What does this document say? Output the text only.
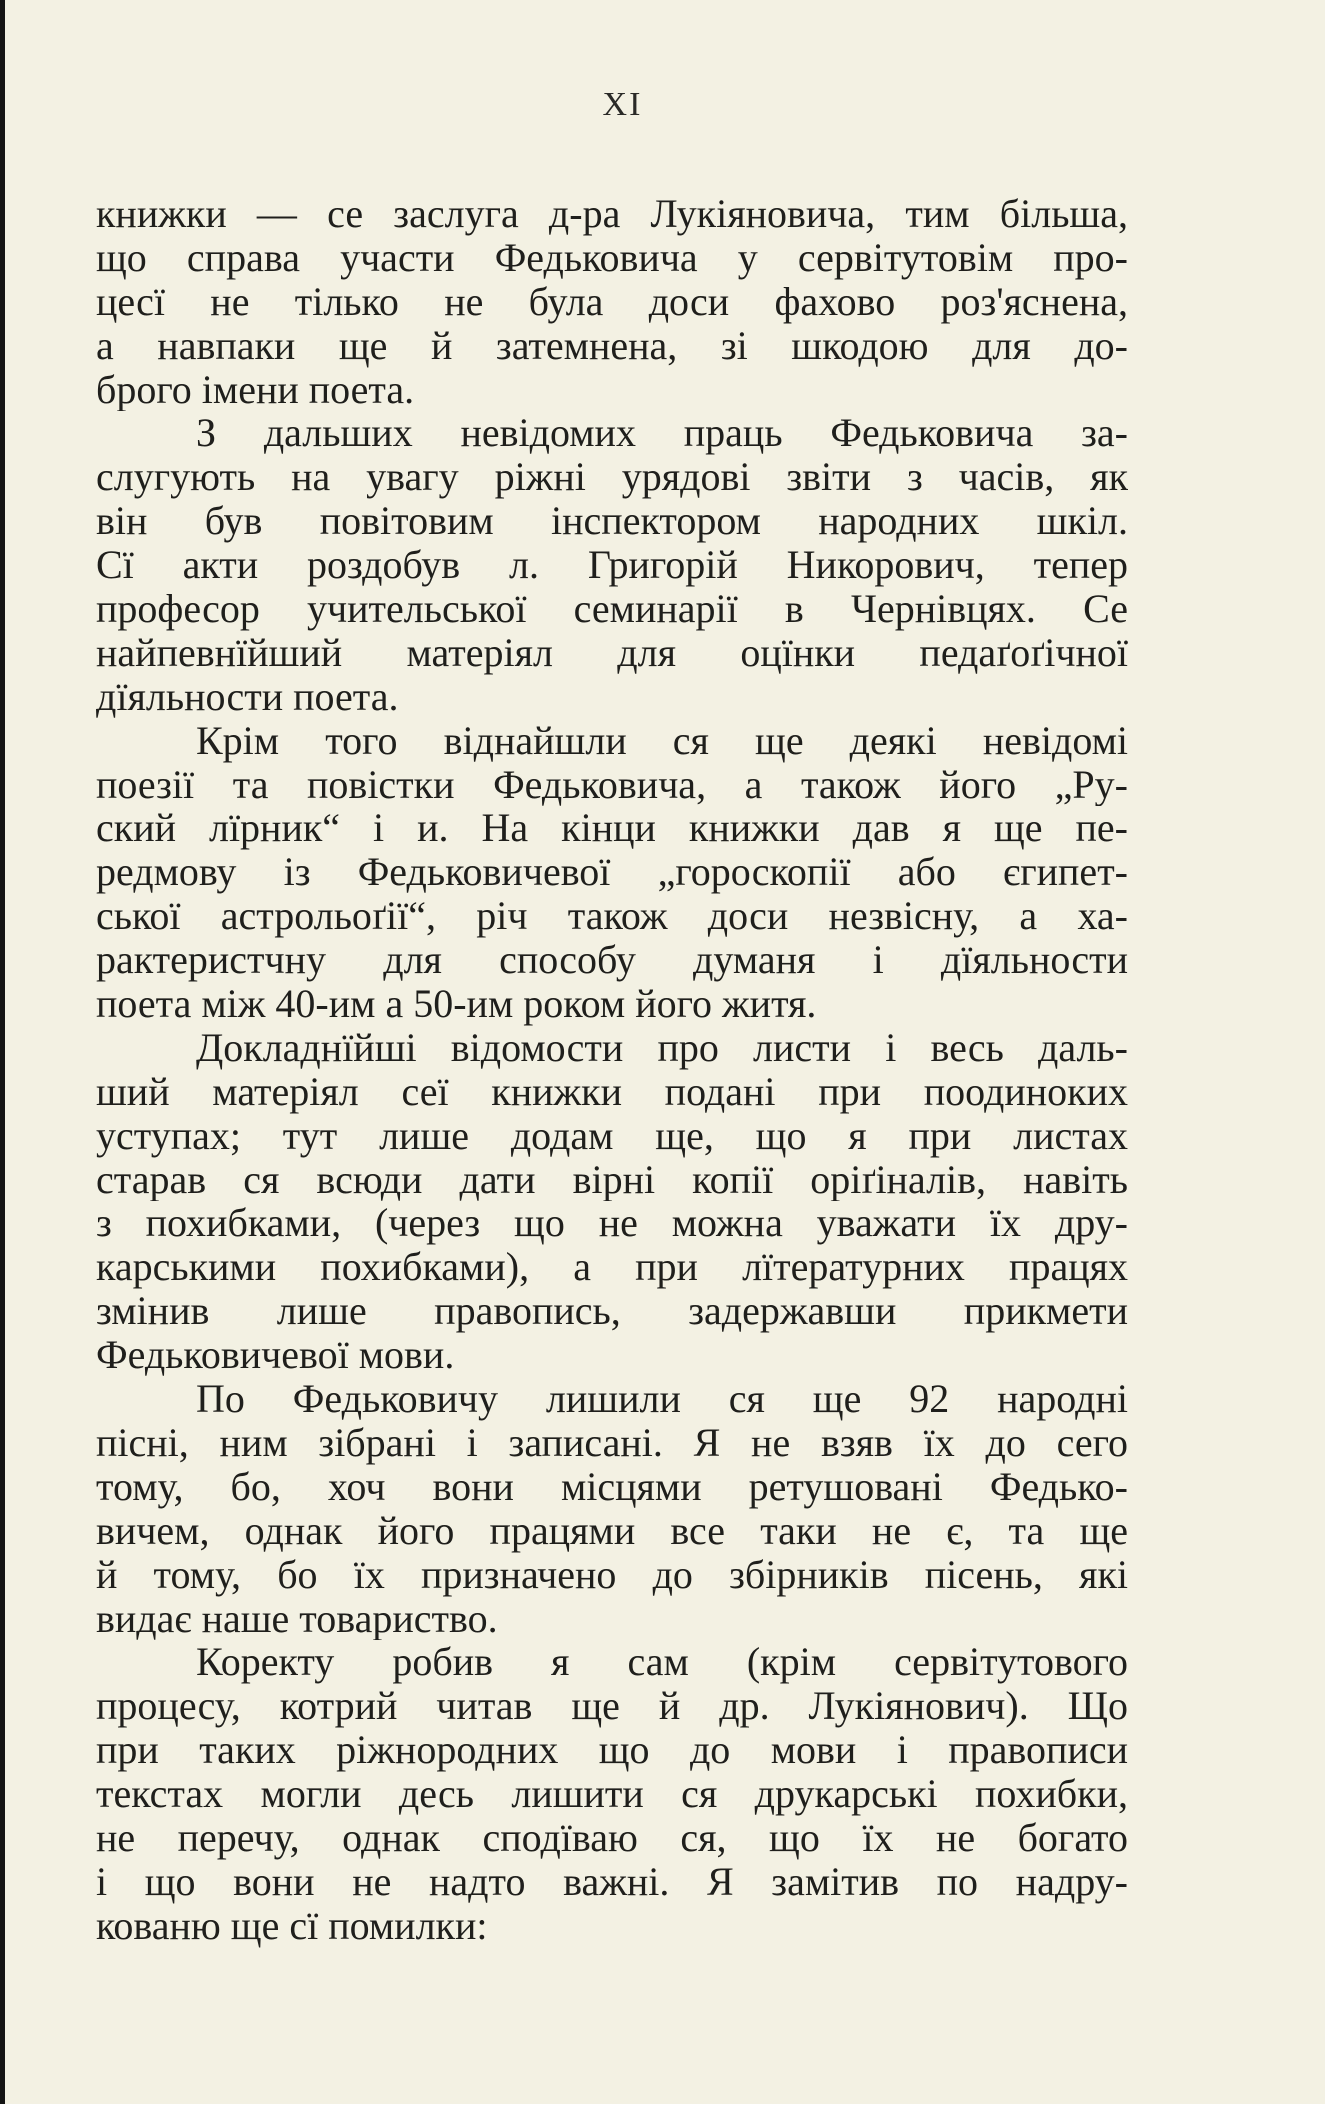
XI
книжки — се заслуга д-ра Лукіяновича, тим більша,
що справа участи Федьковича у сервітутовім про-
цесї не тілько не була доси фахово роз'яснена,
а навпаки ще й затемнена, зі шкодою для до-
брого імени поета.
З дальших невідомих праць Федьковича за-
слугують на увагу ріжні урядові звіти з часів, як
він був повітовим інспектором народних шкіл.
Сї акти роздобув л. Григорій Никорович, тепер
професор учительської семинарії в Чернівцях. Се
найпевнїйший матеріял для оцїнки педаґоґічної
дїяльности поета.
Крім того віднайшли ся ще деякі невідомі
поезії та повістки Федьковича, а також його „Ру-
ский лїрник“ і и. На кінци книжки дав я ще пе-
редмову із Федьковичевої „гороскопії або єгипет-
ської астрольоґії“, річ також доси незвісну, а ха-
рактеристчну для способу думаня і дїяльности
поета між 40-им а 50-им роком його житя.
Докладнїйші відомости про листи і весь даль-
ший матеріял сеї книжки подані при поодиноких
уступах; тут лише додам ще, що я при листах
старав ся всюди дати вірні копії оріґіналів, навіть
з похибками, (через що не можна уважати їх дру-
карськими похибками), а при лїтературних працях
змінив лише правопись, задержавши прикмети
Федьковичевої мови.
По Федьковичу лишили ся ще 92 народні
пісні, ним зібрані і записані. Я не взяв їх до сего
тому, бо, хоч вони місцями ретушовані Федько-
вичем, однак його працями все таки не є, та ще
й тому, бо їх призначено до збірників пісень, які
видає наше товариство.
Коректу робив я сам (крім сервітутового
процесу, котрий читав ще й др. Лукіянович). Що
при таких ріжнородних що до мови і правописи
текстах могли десь лишити ся друкарські похибки,
не перечу, однак сподїваю ся, що їх не богато
і що вони не надто важні. Я замітив по надру-
кованю ще сї помилки:
